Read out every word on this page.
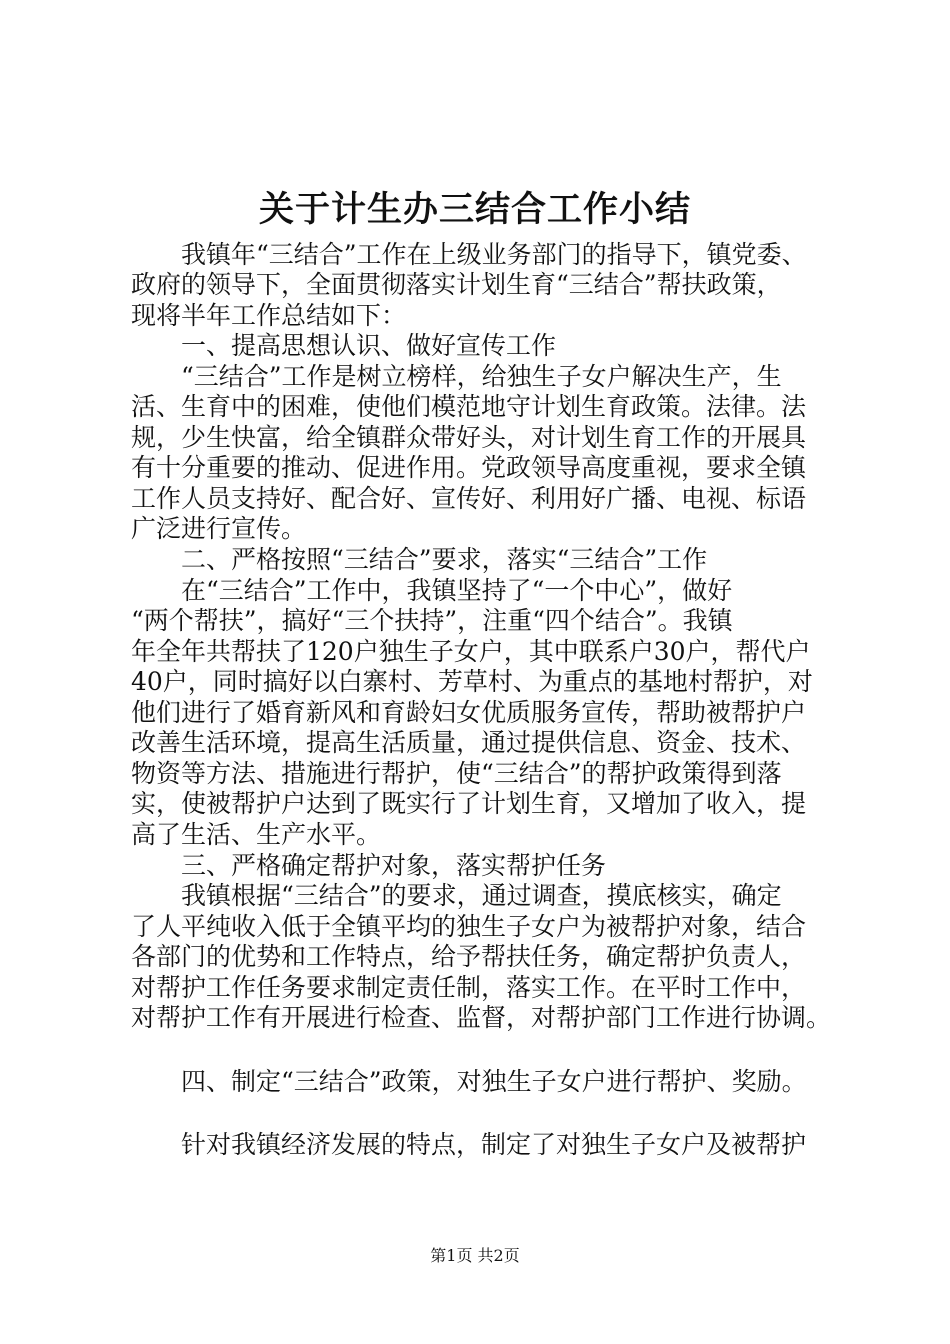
关于计生办三结合工作小结
　　我镇年“三结合”工作在上级业务部门的指导下，镇党委、
政府的领导下，全面贯彻落实计划生育“三结合”帮扶政策，
现将半年工作总结如下：
　　一、提高思想认识、做好宣传工作
　　“三结合”工作是树立榜样，给独生子女户解决生产，生
活、生育中的困难，使他们模范地守计划生育政策。法律。法
规，少生快富，给全镇群众带好头，对计划生育工作的开展具
有十分重要的推动、促进作用。党政领导高度重视，要求全镇
工作人员支持好、配合好、宣传好、利用好广播、电视、标语
广泛进行宣传。
　　二、严格按照“三结合”要求，落实“三结合”工作
　　在“三结合”工作中，我镇坚持了“一个中心”，做好
“两个帮扶”，搞好“三个扶持”，注重“四个结合”。我镇
年全年共帮扶了120户独生子女户，其中联系户30户，帮代户
40户，同时搞好以白寨村、芳草村、为重点的基地村帮护，对
他们进行了婚育新风和育龄妇女优质服务宣传，帮助被帮护户
改善生活环境，提高生活质量，通过提供信息、资金、技术、
物资等方法、措施进行帮护，使“三结合”的帮护政策得到落
实，使被帮护户达到了既实行了计划生育，又增加了收入，提
高了生活、生产水平。
　　三、严格确定帮护对象，落实帮护任务
　　我镇根据“三结合”的要求，通过调查，摸底核实，确定
了人平纯收入低于全镇平均的独生子女户为被帮护对象，结合
各部门的优势和工作特点，给予帮扶任务，确定帮护负责人，
对帮护工作任务要求制定责任制，落实工作。在平时工作中，
对帮护工作有开展进行检查、监督，对帮护部门工作进行协调。
　　四、制定“三结合”政策，对独生子女户进行帮护、奖励。
　　针对我镇经济发展的特点，制定了对独生子女户及被帮护
第1页 共2页
